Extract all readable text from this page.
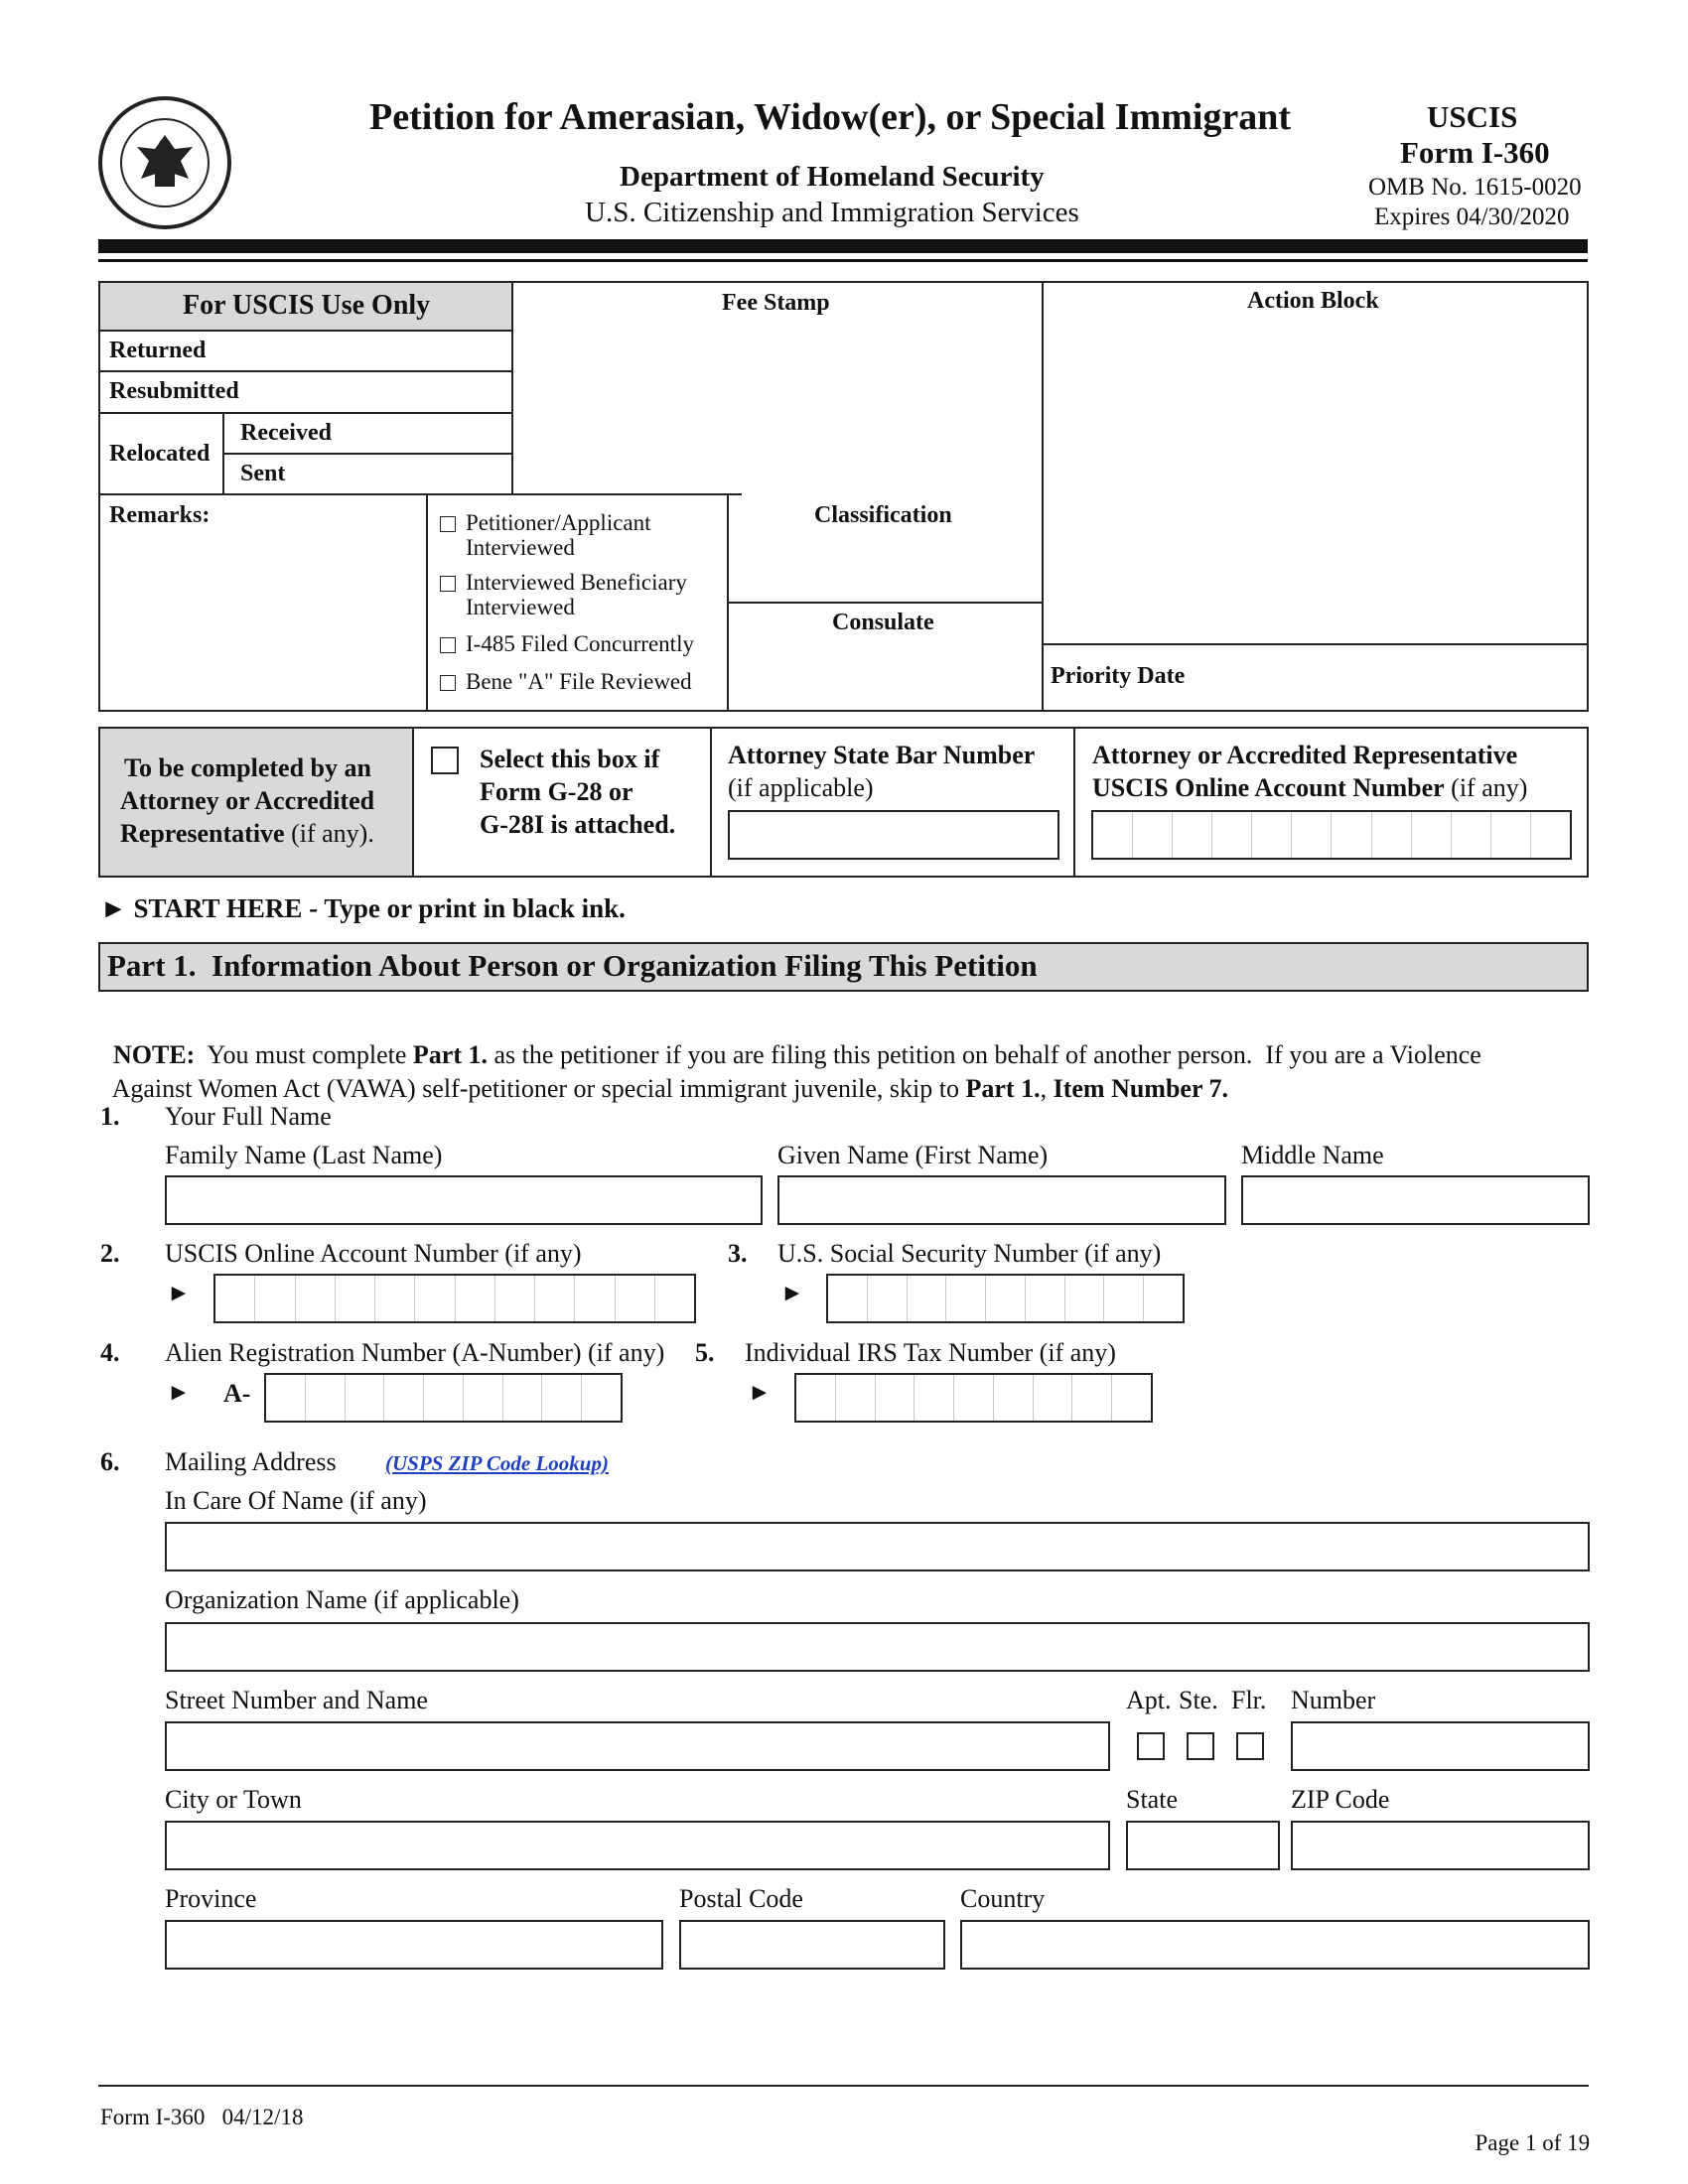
Petition for Amerasian, Widow(er), or Special Immigrant
Department of Homeland Security
U.S. Citizenship and Immigration Services
USCIS
Form I-360
OMB No. 1615-0020
Expires 04/30/2020
For USCIS Use Only
Returned
Resubmitted
Relocated
Received
Sent
Fee Stamp	Action Block
Remarks:	Petitioner/Applicant
Interviewed
Interviewed Beneficiary
Interviewed
I-485 Filed Concurrently
Bene "A" File Reviewed
Classification
Consulate
Priority Date
To be completed by an
Attorney or Accredited
Representative (if any).
Select this box if
Form G-28 or
G-28I is attached.
Attorney State Bar Number
(if applicable)
Attorney or Accredited Representative
USCIS Online Account Number (if any)
► START HERE - Type or print in black ink.
Part 1.  Information About Person or Organization Filing This Petition

NOTE:  You must complete Part 1. as the petitioner if you are filing this petition on behalf of another person.  If you are a Violence

Against Women Act (VAWA) self-petitioner or special immigrant juvenile, skip to Part 1., Item Number 7.

1. Your Full Name
Family Name (Last Name)	Given Name (First Name)	Middle Name
2. USCIS Online Account Number (if any)
►
3. U.S. Social Security Number (if any)
►
4. Alien Registration Number (A-Number) (if any)
► A-
5. Individual IRS Tax Number (if any)
►
6. Mailing Address (USPS ZIP Code Lookup)
In Care Of Name (if any)
Organization Name (if applicable)
Street Number and Name	Apt. Ste. Flr. Number
City or Town	State	ZIP Code
Province	Postal Code	Country
Form I-360   04/12/18

Page 1 of 19
